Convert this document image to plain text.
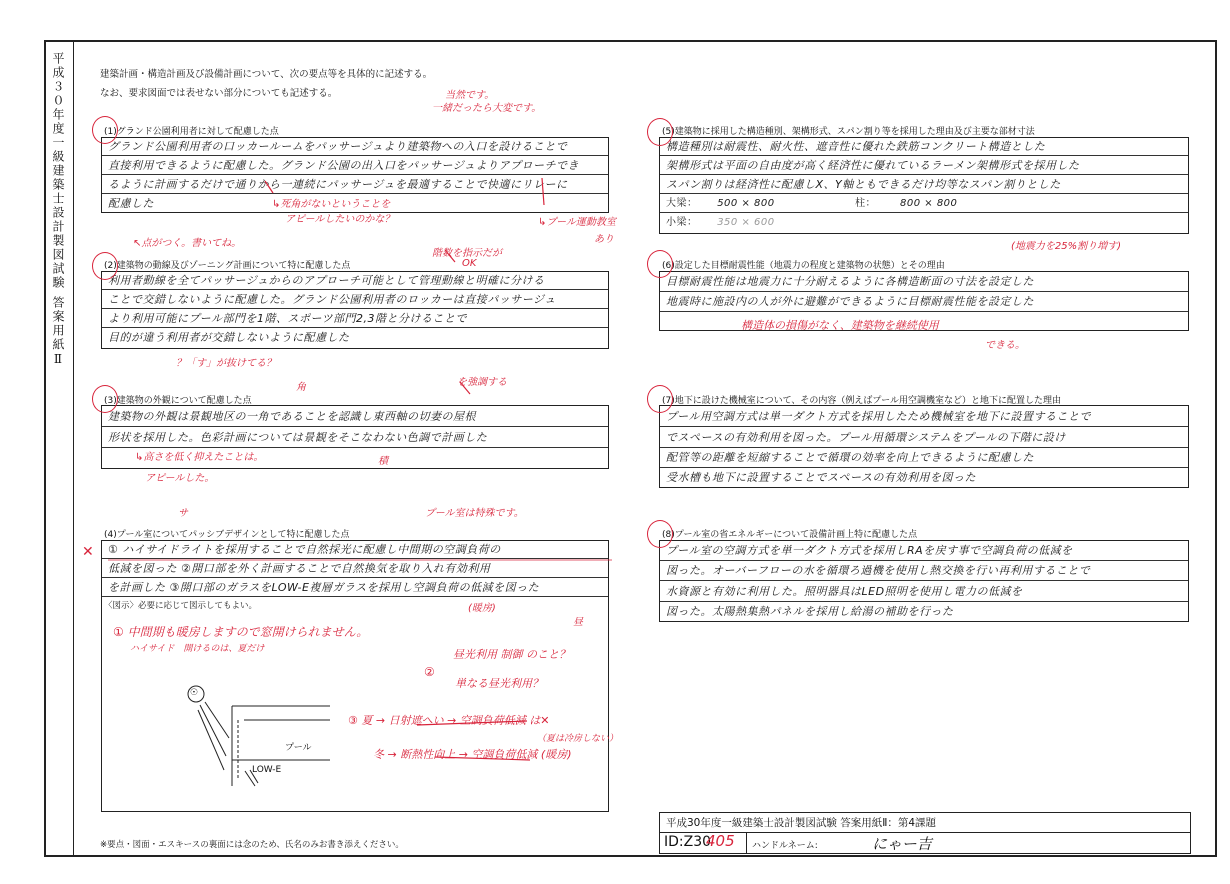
平成３０年度一級建築士設計製図試験 答案用紙Ⅱ	建築計画・構造計画及び設備計画について、次の要点等を具体的に記述する。
なお、要求図面では表せない部分についても記述する。
(1)グランド公園利用者に対して配慮した点
グランド公園利用者の口ッカールームをパッサージュより建築物への入口を設けることで
直接利用できるように配慮した。グランド公園の出入口をパッサージュよりアプローチでき
るように計画するだけで通りから一連続にパッサージュを最適することで快適にリレーに
配慮した
(2)建築物の動線及びゾーニング計画について特に配慮した点
利用者動線を全てパッサージュからのアプローチ可能として管理動線と明確に分ける
ことで交錯しないように配慮した。グランド公園利用者のロッカーは直接パッサージュ
より利用可能にプール部門を1階、スポーツ部門2,3階と分けることで
目的が違う利用者が交錯しないように配慮した
(3)建築物の外観について配慮した点
建築物の外観は景観地区の一角であることを認識し東西軸の切妻の屋根
形状を採用した。色彩計画については景観をそこなわない色調で計画した
(4)プール室についてパッシブデザインとして特に配慮した点
① ハイサイドライトを採用することで自然採光に配慮し中間期の空調負荷の
低減を図った ②開口部を外く計画することで自然換気を取り入れ有効利用
を計画した ③開口部のガラスをLOW-E複層ガラスを採用し空調負荷の低減を図った
〈図示〉必要に応じて図示してもよい。
(5)建築物に採用した構造種別、架構形式、スパン割り等を採用した理由及び主要な部材寸法
構造種別は耐震性、耐火性、遮音性に優れた鉄筋コンクリート構造とした
架構形式は平面の自由度が高く経済性に優れているラーメン架構形式を採用した
スパン割りは経済性に配慮しX、Y軸ともできるだけ均等なスパン割りとした
大梁： 500 × 800	柱： 800 × 800
小梁： 350 × 600
(6)設定した目標耐震性能（地震力の程度と建築物の状態）とその理由
目標耐震性能は地震力に十分耐えるように各構造断面の寸法を設定した
地震時に施設内の人が外に避難ができるように目標耐震性能を設定した
(7)地下に設けた機械室について、その内容（例えばプール用空調機室など）と地下に配置した理由
プール用空調方式は単一ダクト方式を採用したため機械室を地下に設置することで
でスペースの有効利用を図った。プール用循環システムをプールの下階に設け
配管等の距離を短縮することで循環の効率を向上できるように配慮した
受水槽も地下に設置することでスペースの有効利用を図った
(8)プール室の省エネルギーについて設備計画上特に配慮した点
プール室の空調方式を単一ダクト方式を採用しRAを戻す事で空調負荷の低減を
図った。オーバーフローの水を循環ろ過機を使用し熱交換を行い再利用することで
水資源と有効に利用した。照明器具はLED照明を使用し電力の低減を
図った。太陽熱集熱パネルを採用し給湯の補助を行った
平成30年度一級建築士設計製図試験 答案用紙Ⅱ：第4課題
ID:Z30
405 ハンドルネーム:	にゃー吉
※要点・図面・エスキースの裏面には念のため、氏名のみお書き添えください。
当然です。
一緒だったら大変です。
↳死角がないということを
アピールしたいのかな？	↳プール運動教室
あり
↖点がつく。書いてね。
階数を指示だが
OK
？「す」が抜けてる？
↳高さを低く抑えたことは。
アピールした。
角	を強調する
積
プール室は特殊です。
サ
(暖房)
昼
① 中間期も暖房しますので窓開けられません。
ハイサイド　開けるのは、夏だけ	昼光利用 制御 のこと？
単なる昼光利用？
③ 夏 → 日射遮へい → 空調負荷低減 は✕
（夏は冷房しない）
冬 → 断熱性向上 → 空調負荷低減 (暖房)
(地震力を25%割り増す)
構造体の損傷がなく、建築物を継続使用
できる。
✕
②
☉
プール
LOW-E
